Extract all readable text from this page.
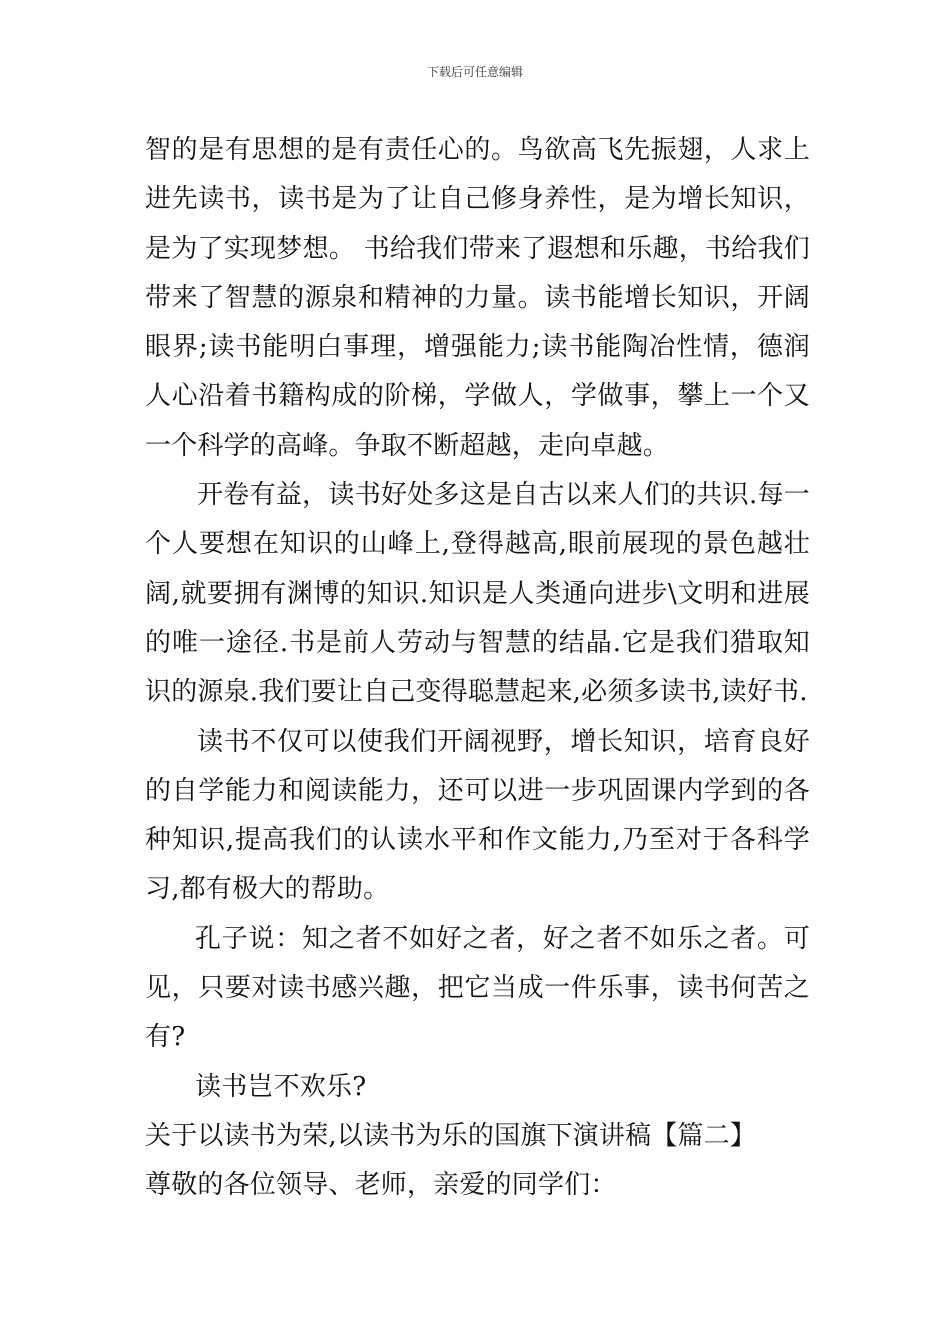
下载后可任意编辑

智的是有思想的是有责任心的。鸟欲高飞先振翅，人求上进先读书，读书是为了让自己修身养性，是为增长知识，是为了实现梦想。 书给我们带来了遐想和乐趣，书给我们带来了智慧的源泉和精神的力量。读书能增长知识，开阔眼界;读书能明白事理，增强能力;读书能陶冶性情，德润人心沿着书籍构成的阶梯，学做人，学做事，攀上一个又一个科学的高峰。争取不断超越，走向卓越。

开卷有益，读书好处多这是自古以来人们的共识.每一个人要想在知识的山峰上,登得越高,眼前展现的景色越壮阔,就要拥有渊博的知识.知识是人类通向进步\文明和进展的唯一途径.书是前人劳动与智慧的结晶.它是我们猎取知识的源泉.我们要让自己变得聪慧起来,必须多读书,读好书.

读书不仅可以使我们开阔视野，增长知识，培育良好的自学能力和阅读能力，还可以进一步巩固课内学到的各种知识,提高我们的认读水平和作文能力,乃至对于各科学习,都有极大的帮助。

孔子说：知之者不如好之者，好之者不如乐之者。可见，只要对读书感兴趣，把它当成一件乐事，读书何苦之有?

读书岂不欢乐?

关于以读书为荣,以读书为乐的国旗下演讲稿【篇二】

尊敬的各位领导、老师，亲爱的同学们：
